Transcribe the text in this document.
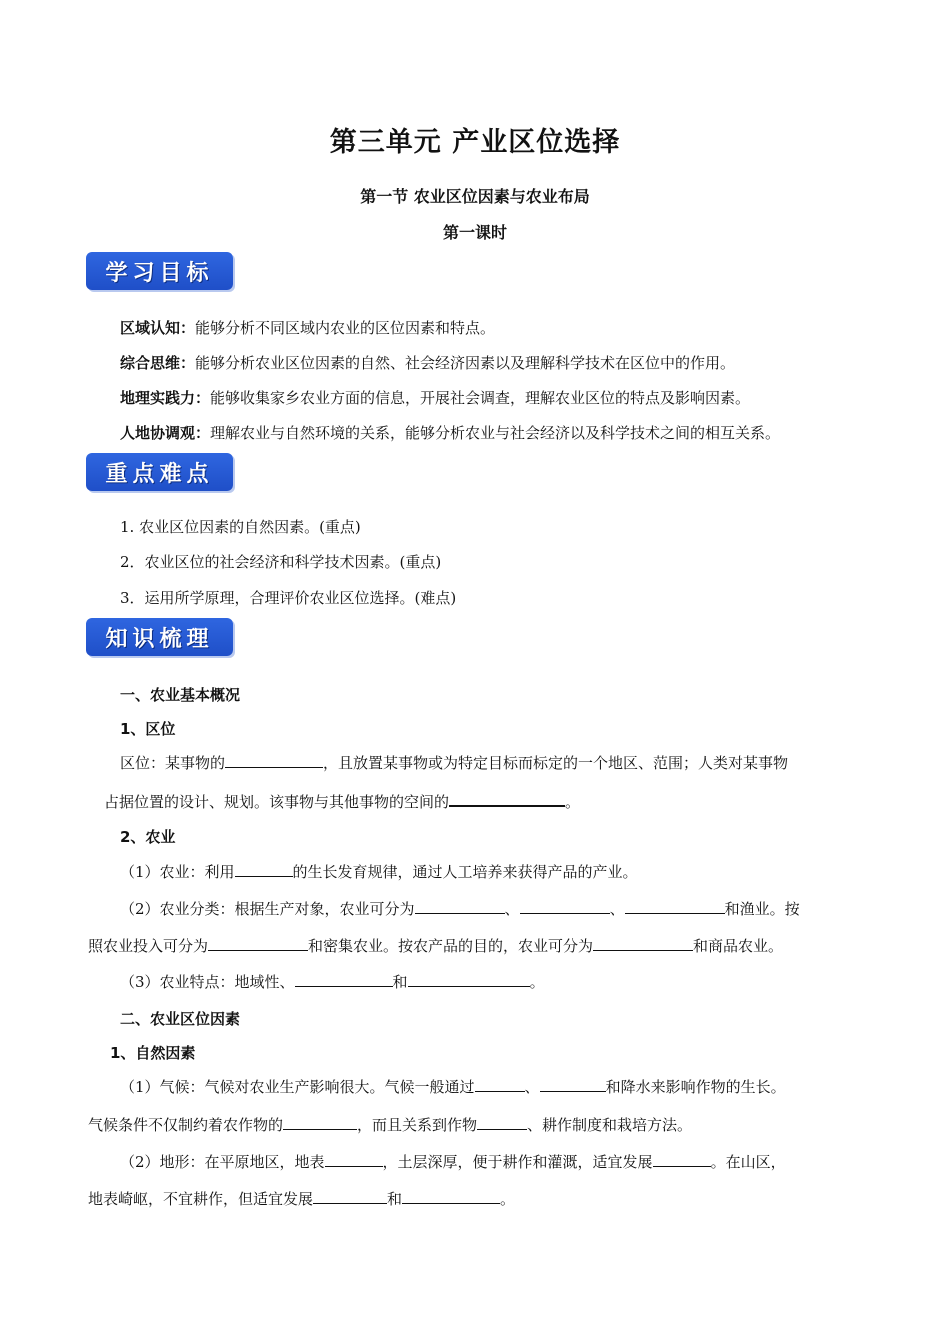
第三单元 产业区位选择
第一节 农业区位因素与农业布局
第一课时
学习目标
区域认知：能够分析不同区域内农业的区位因素和特点。
综合思维：能够分析农业区位因素的自然、社会经济因素以及理解科学技术在区位中的作用。
地理实践力：能够收集家乡农业方面的信息，开展社会调查，理解农业区位的特点及影响因素。
人地协调观：理解农业与自然环境的关系，能够分析农业与社会经济以及科学技术之间的相互关系。
重点难点
1. 农业区位因素的自然因素。(重点)
2．农业区位的社会经济和科学技术因素。(重点)
3．运用所学原理，合理评价农业区位选择。(难点)
知识梳理
一、农业基本概况
1、区位
区位：某事物的	，且放置某事物或为特定目标而标定的一个地区、范围；人类对某事物
占据位置的设计、规划。该事物与其他事物的空间的	。
2、农业
（1）农业：利用	的生长发育规律，通过人工培养来获得产品的产业。
（2）农业分类：根据生产对象，农业可分为	、	、	和渔业。按
照农业投入可分为	和密集农业。按农产品的目的，农业可分为	和商品农业。
（3）农业特点：地域性、	和	。
二、农业区位因素
1、自然因素
（1）气候：气候对农业生产影响很大。气候一般通过	、	和降水来影响作物的生长。
气候条件不仅制约着农作物的	，而且关系到作物	、耕作制度和栽培方法。
（2）地形：在平原地区，地表	，土层深厚，便于耕作和灌溉，适宜发展	。在山区，
地表崎岖，不宜耕作，但适宜发展	和	。
